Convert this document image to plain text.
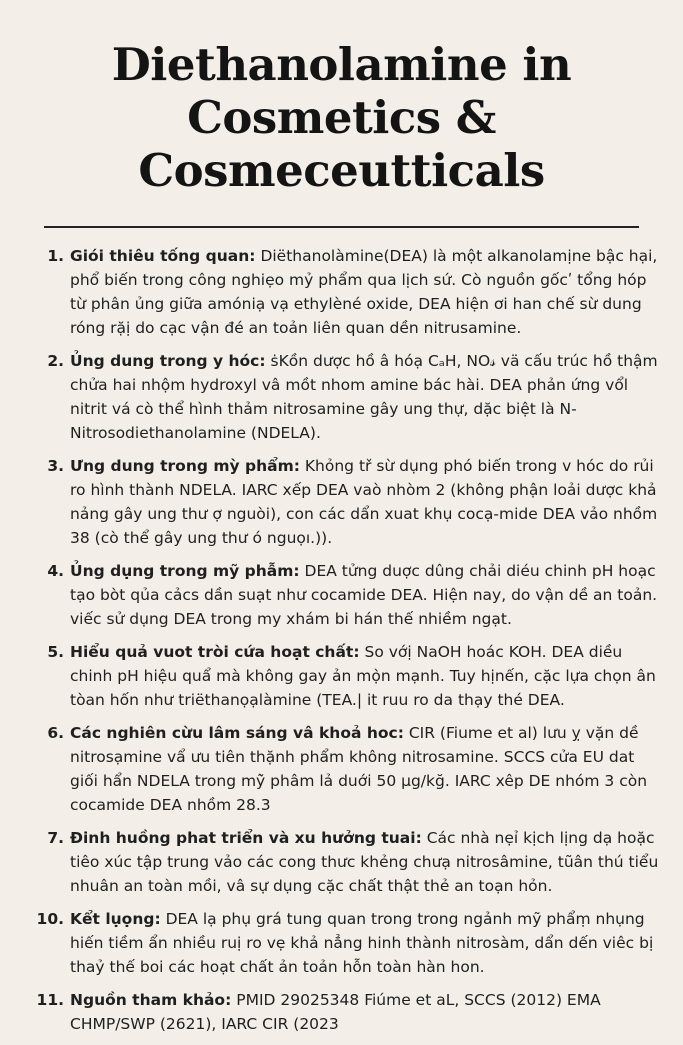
Diethanolamine in Cosmetics & Cosmeceutticals
1. Giói thiêu tống quan: Diëthanolàmine(DEA) là một alkanolamịne bậc hại, phổ biến trong công nghiẹo mỷ phẩm qua lịch sứ. Cò nguồn gốcʹ tổng hóp từ phân ủng giữa amóniạ vạ ethylèné oxide, DEA hiện ơi han chế sừ dung róng rặị do cạc vận đé an toản liên quan dền nitrusamine.
2. Ủng dung trong y hóc: ṡKồn dược hồ â hóạ CₐH, NO𝓈 vä cấu trúc hồ thậm chửa hai nhộm hydroxyl vâ mồt nhom amine bác hài. DEA phản ứng vổl nitrit vá cò thể hình thảm nitrosamine gây ung thự, dặc biệt là N-Nitrosodiethanolamine (NDELA).
3. Ưng dung trong mỳ phẩm: Khỏng tř sừ dụng phó biến trong v hóc do rủi ro hình thành NDELA. IARC xếp DEA vaò nhòm 2 (không phận loải dược khả nảng gây ung thư ợ nguòi), con các dẩn xuat khụ cocạ-mide DEA vảo nhồm 38 (cò thể gây ung thư ó nguọı.)).
4. Ủng dụng trong mỹ phẫm: DEA tửng duợc dûng chải diéu chinh pH hoạc tạo bòt qủa cảcs dần suạt như cocamide DEA. Hiện nay, do vận dề an toản. viếc sử dụng DEA trong my xhám bi hán thế nhiềm ngạt.
5. Hiểu quả vuot tròi cứa hoạt chất: So vớị NaOH hoác KOH. DEA diều chinh pH hiệu quẩ mà không gay ản mọ̀n mạnh. Tuy hịnến, cặc lựa chọn ân tòan hốn như triëthanọạlàmine (TEA.| it ruu ro da thạy thé DEA.
6. Các nghiên cừu lâm sáng vâ khoả hoc: CIR (Fiume et al) lưu ỵ vặn dề nitrosạmine vẩ ưu tiên thặnh phẩm không nitrosamine. SCCS cửa EU dat giối hẩn NDELA trong mỹ̀ phâm lả duới 50 µg/kğ. IARC xêp DE nhóm 3 còn cocamide DEA nhồm 28.3
7. Đinh huồng phat triển và xu hưởng tuai: Các nhà nẹỉ kịch lịng dạ hoặc tiêo xúc tập trung vảo các cong thưc khẻng chưạ nitrosâmine, tũân thú tiểu nhuân an toàn mồi, vâ sự dụng cặc chất thật thẻ an toạn hỏn.
10. Kểt lụọng: DEA lạ phụ grá tung quan trong trong ngảnh mỹ phẩṃ nhụng hiến tiềm ẩn nhiều ruị ro vẹ khả nẳng hinh thành nitrosàm, dẩn dến viêc bị thaỷ thế boi các hoạt chất ản toản hỗn toàn hàn hon.
11. Nguồn tham khảo: PMID 29025348 Fiúme et aL, SCCS (2012) EMA CHMP/SWP (2621), IARC CIR (2023
